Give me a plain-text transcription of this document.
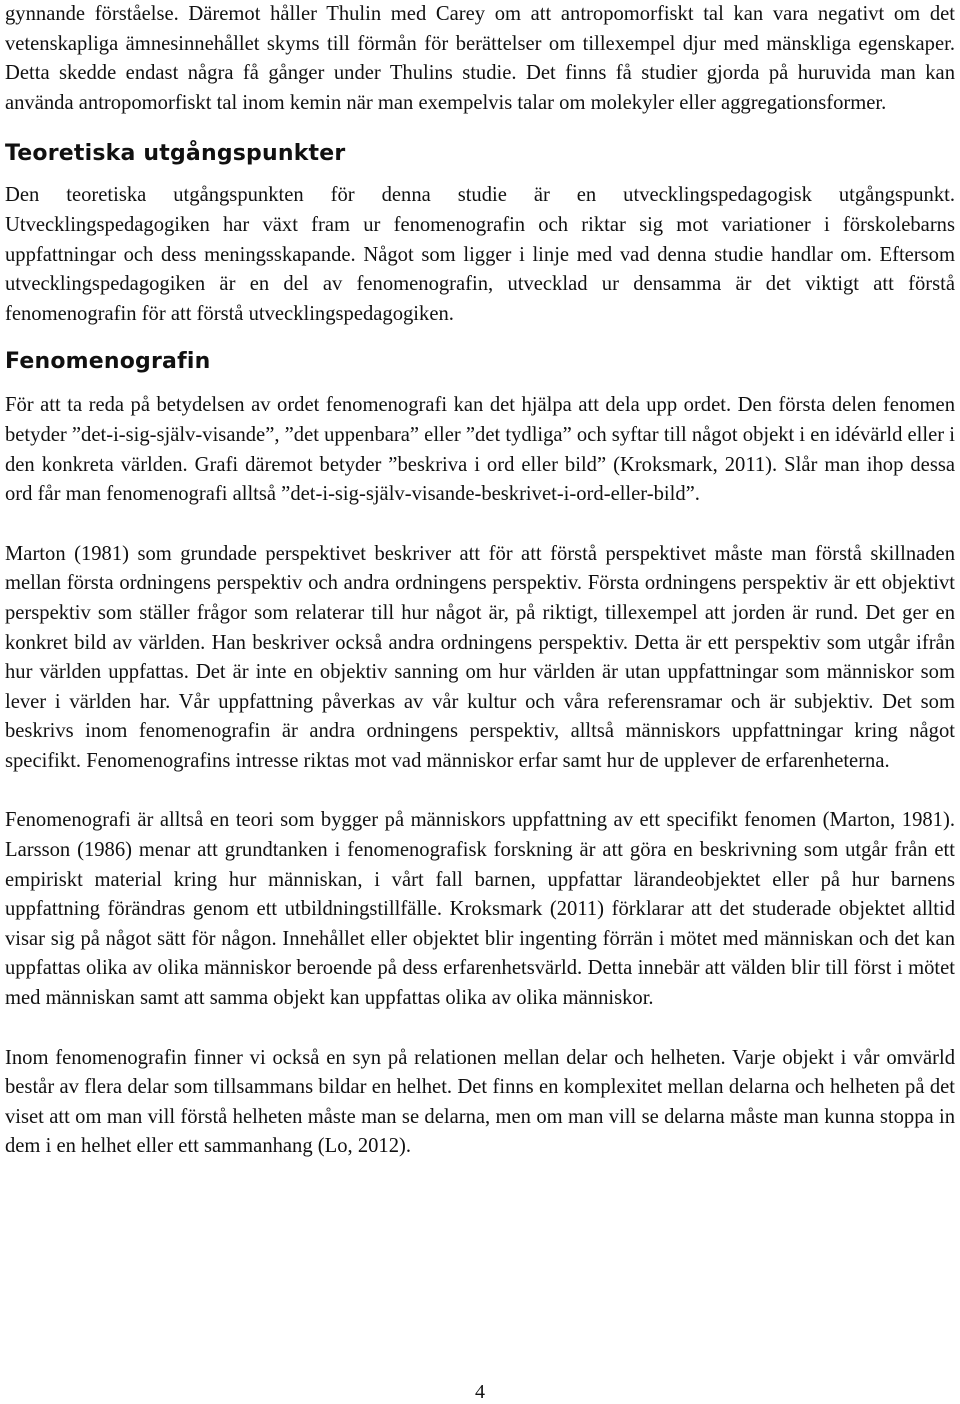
gynnande förståelse. Däremot håller Thulin med Carey om att antropomorfiskt tal kan vara negativt om det vetenskapliga ämnesinnehållet skyms till förmån för berättelser om tillexempel djur med mänskliga egenskaper. Detta skedde endast några få gånger under Thulins studie. Det finns få studier gjorda på huruvida man kan använda antropomorfiskt tal inom kemin när man exempelvis talar om molekyler eller aggregationsformer.

Teoretiska utgångspunkter

Den teoretiska utgångspunkten för denna studie är en utvecklingspedagogisk utgångspunkt. Utvecklingspedagogiken har växt fram ur fenomenografin och riktar sig mot variationer i förskolebarns uppfattningar och dess meningsskapande. Något som ligger i linje med vad denna studie handlar om. Eftersom utvecklingspedagogiken är en del av fenomenografin, utvecklad ur densamma är det viktigt att förstå fenomenografin för att förstå utvecklingspedagogiken.

Fenomenografin

För att ta reda på betydelsen av ordet fenomenografi kan det hjälpa att dela upp ordet. Den första delen fenomen betyder ”det-i-sig-själv-visande”, ”det uppenbara” eller ”det tydliga” och syftar till något objekt i en idévärld eller i den konkreta världen. Grafi däremot betyder ”beskriva i ord eller bild” (Kroksmark, 2011). Slår man ihop dessa ord får man fenomenografi alltså ”det-i-sig-själv-visande-beskrivet-i-ord-eller-bild”.

Marton (1981) som grundade perspektivet beskriver att för att förstå perspektivet måste man förstå skillnaden mellan första ordningens perspektiv och andra ordningens perspektiv. Första ordningens perspektiv är ett objektivt perspektiv som ställer frågor som relaterar till hur något är, på riktigt, tillexempel att jorden är rund. Det ger en konkret bild av världen. Han beskriver också andra ordningens perspektiv. Detta är ett perspektiv som utgår ifrån hur världen uppfattas. Det är inte en objektiv sanning om hur världen är utan uppfattningar som människor som lever i världen har. Vår uppfattning påverkas av vår kultur och våra referensramar och är subjektiv. Det som beskrivs inom fenomenografin är andra ordningens perspektiv, alltså människors uppfattningar kring något specifikt. Fenomenografins intresse riktas mot vad människor erfar samt hur de upplever de erfarenheterna.

Fenomenografi är alltså en teori som bygger på människors uppfattning av ett specifikt fenomen (Marton, 1981). Larsson (1986) menar att grundtanken i fenomenografisk forskning är att göra en beskrivning som utgår från ett empiriskt material kring hur människan, i vårt fall barnen, uppfattar lärandeobjektet eller på hur barnens uppfattning förändras genom ett utbildningstillfälle. Kroksmark (2011) förklarar att det studerade objektet alltid visar sig på något sätt för någon. Innehållet eller objektet blir ingenting förrän i mötet med människan och det kan uppfattas olika av olika människor beroende på dess erfarenhetsvärld. Detta innebär att välden blir till först i mötet med människan samt att samma objekt kan uppfattas olika av olika människor.

Inom fenomenografin finner vi också en syn på relationen mellan delar och helheten. Varje objekt i vår omvärld består av flera delar som tillsammans bildar en helhet. Det finns en komplexitet mellan delarna och helheten på det viset att om man vill förstå helheten måste man se delarna, men om man vill se delarna måste man kunna stoppa in dem i en helhet eller ett sammanhang (Lo, 2012).

4
